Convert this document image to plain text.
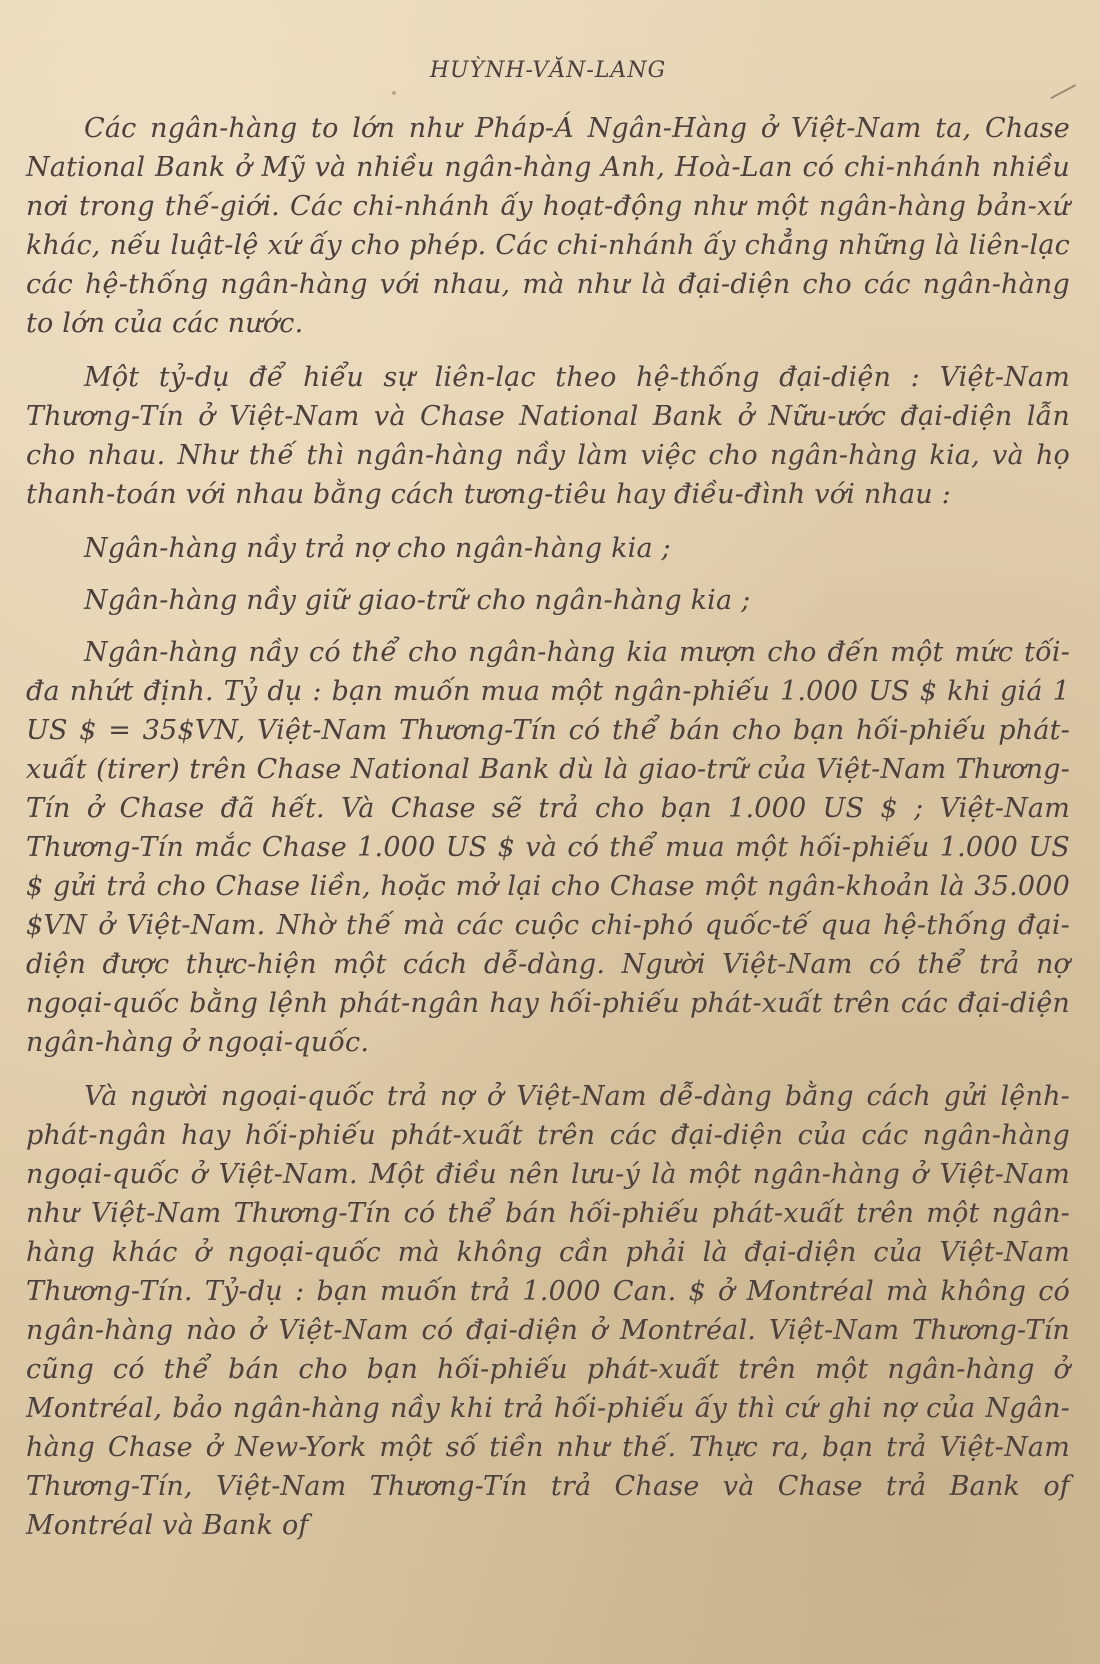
HUỲNH-VĂN-LANG

Các ngân-hàng to lớn như Pháp-Á Ngân-Hàng ở Việt-Nam ta, Chase National Bank ở Mỹ và nhiều ngân-hàng Anh, Hoà-Lan có chi-nhánh nhiều nơi trong thế-giới. Các chi-nhánh ấy hoạt-động như một ngân-hàng bản-xứ khác, nếu luật-lệ xứ ấy cho phép. Các chi-nhánh ấy chẳng những là liên-lạc các hệ-thống ngân-hàng với nhau, mà như là đại-diện cho các ngân-hàng to lớn của các nước.

Một tỷ-dụ để hiểu sự liên-lạc theo hệ-thống đại-diện : Việt-Nam Thương-Tín ở Việt-Nam và Chase National Bank ở Nữu-ước đại-diện lẫn cho nhau. Như thế thì ngân-hàng nầy làm việc cho ngân-hàng kia, và họ thanh-toán với nhau bằng cách tương-tiêu hay điều-đình với nhau :

Ngân-hàng nầy trả nợ cho ngân-hàng kia ;

Ngân-hàng nầy giữ giao-trữ cho ngân-hàng kia ;

Ngân-hàng nầy có thể cho ngân-hàng kia mượn cho đến một mức tối-đa nhứt định. Tỷ dụ : bạn muốn mua một ngân-phiếu 1.000 US $ khi giá 1 US $ = 35$VN, Việt-Nam Thương-Tín có thể bán cho bạn hối-phiếu phát-xuất (tirer) trên Chase National Bank dù là giao-trữ của Việt-Nam Thương-Tín ở Chase đã hết. Và Chase sẽ trả cho bạn 1.000 US $ ; Việt-Nam Thương-Tín mắc Chase 1.000 US $ và có thể mua một hối-phiếu 1.000 US $ gửi trả cho Chase liền, hoặc mở lại cho Chase một ngân-khoản là 35.000 $VN ở Việt-Nam. Nhờ thế mà các cuộc chi-phó quốc-tế qua hệ-thống đại-diện được thực-hiện một cách dễ-dàng. Người Việt-Nam có thể trả nợ ngoại-quốc bằng lệnh phát-ngân hay hối-phiếu phát-xuất trên các đại-diện ngân-hàng ở ngoại-quốc.

Và người ngoại-quốc trả nợ ở Việt-Nam dễ-dàng bằng cách gửi lệnh-phát-ngân hay hối-phiếu phát-xuất trên các đại-diện của các ngân-hàng ngoại-quốc ở Việt-Nam. Một điều nên lưu-ý là một ngân-hàng ở Việt-Nam như Việt-Nam Thương-Tín có thể bán hối-phiếu phát-xuất trên một ngân-hàng khác ở ngoại-quốc mà không cần phải là đại-diện của Việt-Nam Thương-Tín. Tỷ-dụ : bạn muốn trả 1.000 Can. $ ở Montréal mà không có ngân-hàng nào ở Việt-Nam có đại-diện ở Montréal. Việt-Nam Thương-Tín cũng có thể bán cho bạn hối-phiếu phát-xuất trên một ngân-hàng ở Montréal, bảo ngân-hàng nầy khi trả hối-phiếu ấy thì cứ ghi nợ của Ngân-hàng Chase ở New-York một số tiền như thế. Thực ra, bạn trả Việt-Nam Thương-Tín, Việt-Nam Thương-Tín trả Chase và Chase trả Bank of Montréal và Bank of
